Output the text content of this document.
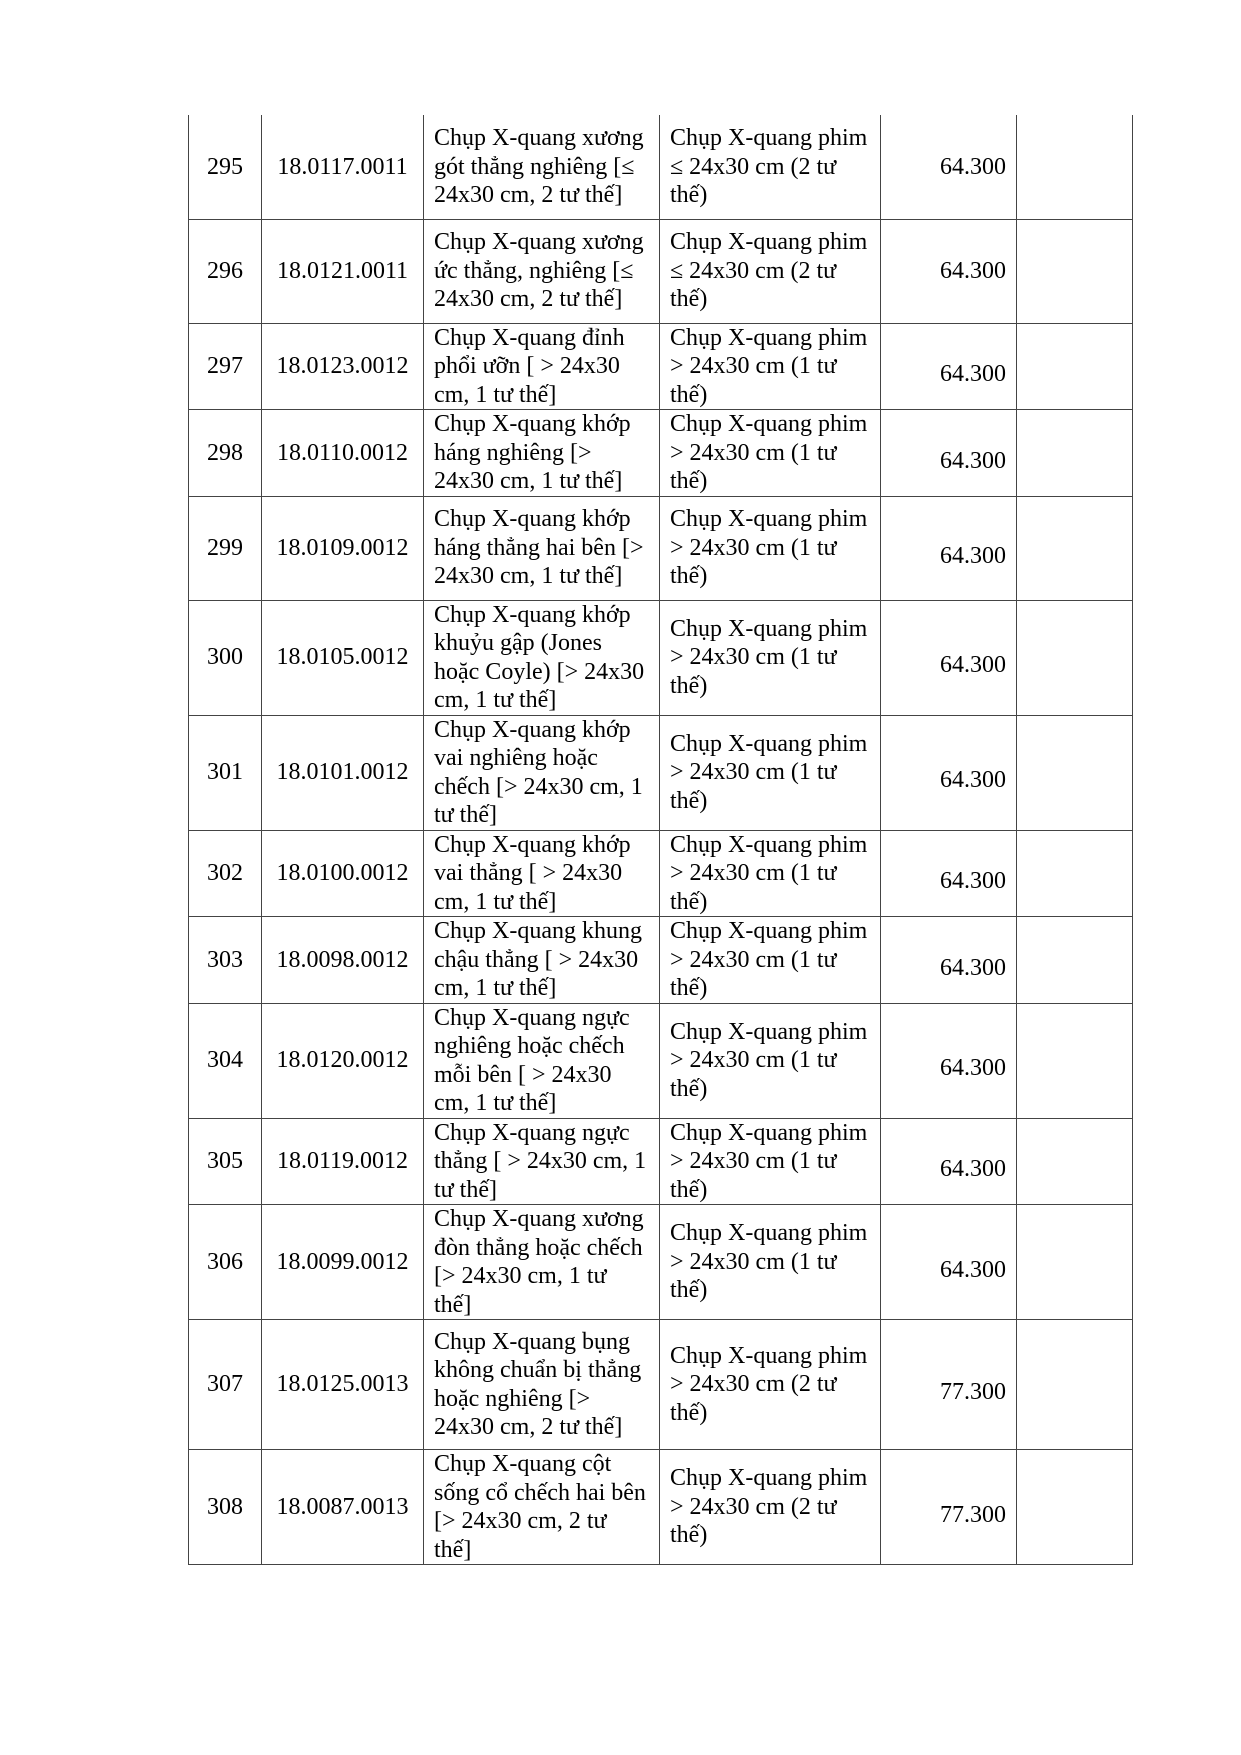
295	18.0117.0011	Chụp X-quang xương gót thẳng nghiêng [≤ 24x30 cm, 2 tư thế]	Chụp X-quang phim ≤ 24x30 cm (2 tư thế)	64.300	
296	18.0121.0011	Chụp X-quang xương ức thẳng, nghiêng [≤ 24x30 cm, 2 tư thế]	Chụp X-quang phim ≤ 24x30 cm (2 tư thế)	64.300	
297	18.0123.0012	Chụp X-quang đỉnh phổi ưỡn [ > 24x30 cm, 1 tư thế]	Chụp X-quang phim > 24x30 cm (1 tư thế)	64.300	
298	18.0110.0012	Chụp X-quang khớp háng nghiêng [> 24x30 cm, 1 tư thế]	Chụp X-quang phim > 24x30 cm (1 tư thế)	64.300	
299	18.0109.0012	Chụp X-quang khớp háng thẳng hai bên [> 24x30 cm, 1 tư thế]	Chụp X-quang phim > 24x30 cm (1 tư thế)	64.300	
300	18.0105.0012	Chụp X-quang khớp khuỷu gập (Jones hoặc Coyle) [> 24x30 cm, 1 tư thế]	Chụp X-quang phim > 24x30 cm (1 tư thế)	64.300	
301	18.0101.0012	Chụp X-quang khớp vai nghiêng hoặc chếch [> 24x30 cm, 1 tư thế]	Chụp X-quang phim > 24x30 cm (1 tư thế)	64.300	
302	18.0100.0012	Chụp X-quang khớp vai thẳng [ > 24x30 cm, 1 tư thế]	Chụp X-quang phim > 24x30 cm (1 tư thế)	64.300	
303	18.0098.0012	Chụp X-quang khung chậu thẳng [ > 24x30 cm, 1 tư thế]	Chụp X-quang phim > 24x30 cm (1 tư thế)	64.300	
304	18.0120.0012	Chụp X-quang ngực nghiêng hoặc chếch mỗi bên [ > 24x30 cm, 1 tư thế]	Chụp X-quang phim > 24x30 cm (1 tư thế)	64.300	
305	18.0119.0012	Chụp X-quang ngực thẳng [ > 24x30 cm, 1 tư thế]	Chụp X-quang phim > 24x30 cm (1 tư thế)	64.300	
306	18.0099.0012	Chụp X-quang xương đòn thẳng hoặc chếch [> 24x30 cm, 1 tư thế]	Chụp X-quang phim > 24x30 cm (1 tư thế)	64.300	
307	18.0125.0013	Chụp X-quang bụng không chuẩn bị thẳng hoặc nghiêng [> 24x30 cm, 2 tư thế]	Chụp X-quang phim > 24x30 cm (2 tư thế)	77.300	
308	18.0087.0013	Chụp X-quang cột sống cổ chếch hai bên [> 24x30 cm, 2 tư thế]	Chụp X-quang phim > 24x30 cm (2 tư thế)	77.300	
